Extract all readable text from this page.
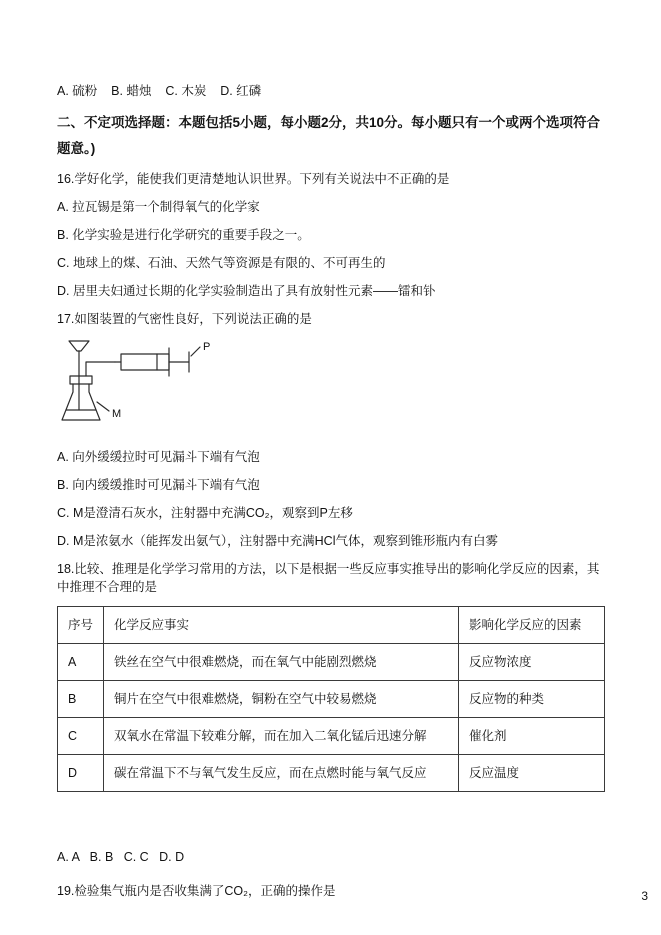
A. 硫粉    B. 蜡烛    C. 木炭    D. 红磷

二、不定项选择题：本题包括5小题，每小题2分，共10分。每小题只有一个或两个选项符合题意。)

16.学好化学，能使我们更清楚地认识世界。下列有关说法中不正确的是

A. 拉瓦锡是第一个制得氧气的化学家

B. 化学实验是进行化学研究的重要手段之一。

C. 地球上的煤、石油、天然气等资源是有限的、不可再生的

D. 居里夫妇通过长期的化学实验制造出了具有放射性元素——镭和钋

17.如图装置的气密性良好，下列说法正确的是

P
M

A. 向外缓缓拉时可见漏斗下端有气泡

B. 向内缓缓推时可见漏斗下端有气泡

C. M是澄清石灰水，注射器中充满CO₂，观察到P左移

D. M是浓氨水（能挥发出氨气），注射器中充满HCl气体，观察到锥形瓶内有白雾

18.比较、推理是化学学习常用的方法，以下是根据一些反应事实推导出的影响化学反应的因素，其中推理不合理的是

序号	化学反应事实	影响化学反应的因素
A	铁丝在空气中很难燃烧，而在氧气中能剧烈燃烧	反应物浓度
B	铜片在空气中很难燃烧，铜粉在空气中较易燃烧	反应物的种类
C	双氧水在常温下较难分解，而在加入二氧化锰后迅速分解	催化剂
D	碳在常温下不与氧气发生反应，而在点燃时能与氧气反应	反应温度

A. A   B. B   C. C   D. D

19.检验集气瓶内是否收集满了CO₂，正确的操作是	3
